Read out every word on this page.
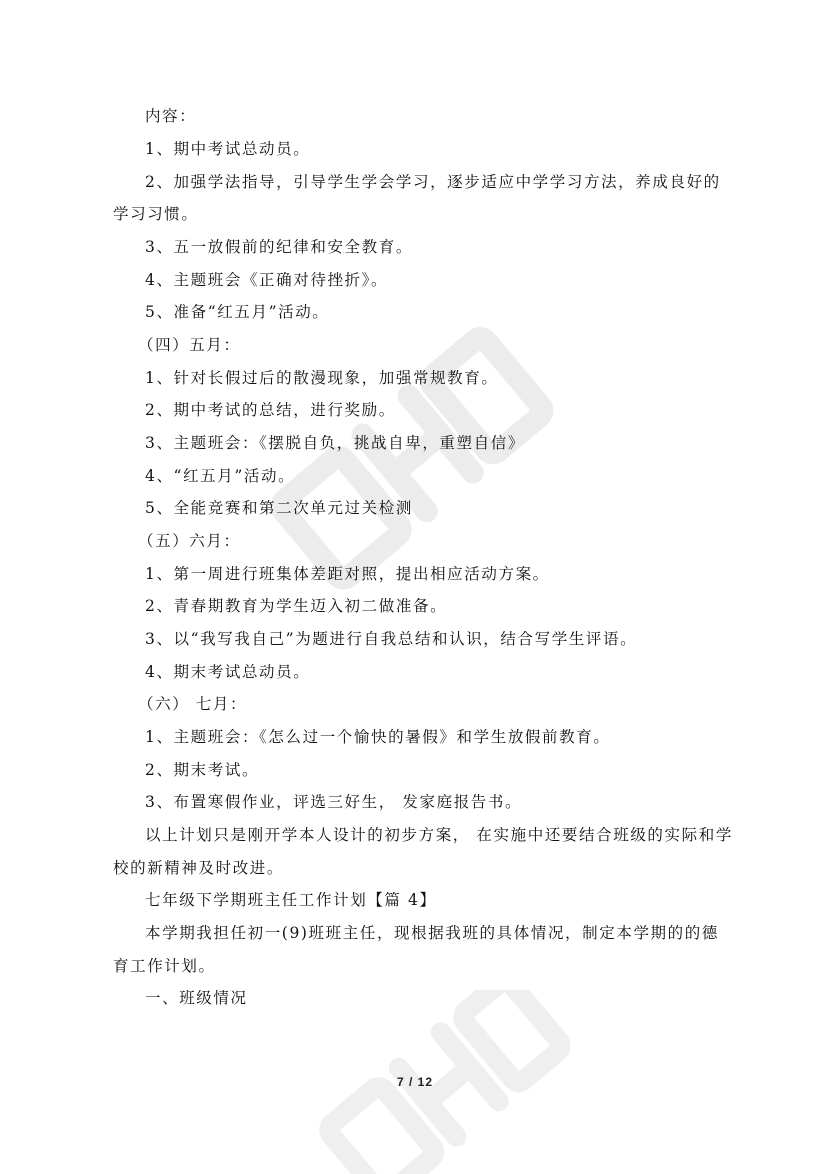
内容：
1、期中考试总动员。
2、加强学法指导，引导学生学会学习，逐步适应中学学习方法，养成良好的
学习习惯。
3、五一放假前的纪律和安全教育。
4、主题班会《正确对待挫折》。
5、准备“红五月”活动。
（四）五月：
1、针对长假过后的散漫现象，加强常规教育。
2、期中考试的总结，进行奖励。
3、主题班会：《摆脱自负，挑战自卑，重塑自信》
4、“红五月”活动。
5、全能竞赛和第二次单元过关检测
（五）六月：
1、第一周进行班集体差距对照，提出相应活动方案。
2、青春期教育为学生迈入初二做准备。
3、以“我写我自己”为题进行自我总结和认识，结合写学生评语。
4、期末考试总动员。
（六） 七月：
1、主题班会：《怎么过一个愉快的暑假》和学生放假前教育。
2、期末考试。
3、布置寒假作业，评选三好生， 发家庭报告书。
以上计划只是刚开学本人设计的初步方案， 在实施中还要结合班级的实际和学
校的新精神及时改进。
七年级下学期班主任工作计划【篇 4】
本学期我担任初一(9)班班主任，现根据我班的具体情况，制定本学期的的德
育工作计划。
一、班级情况
7 / 12
